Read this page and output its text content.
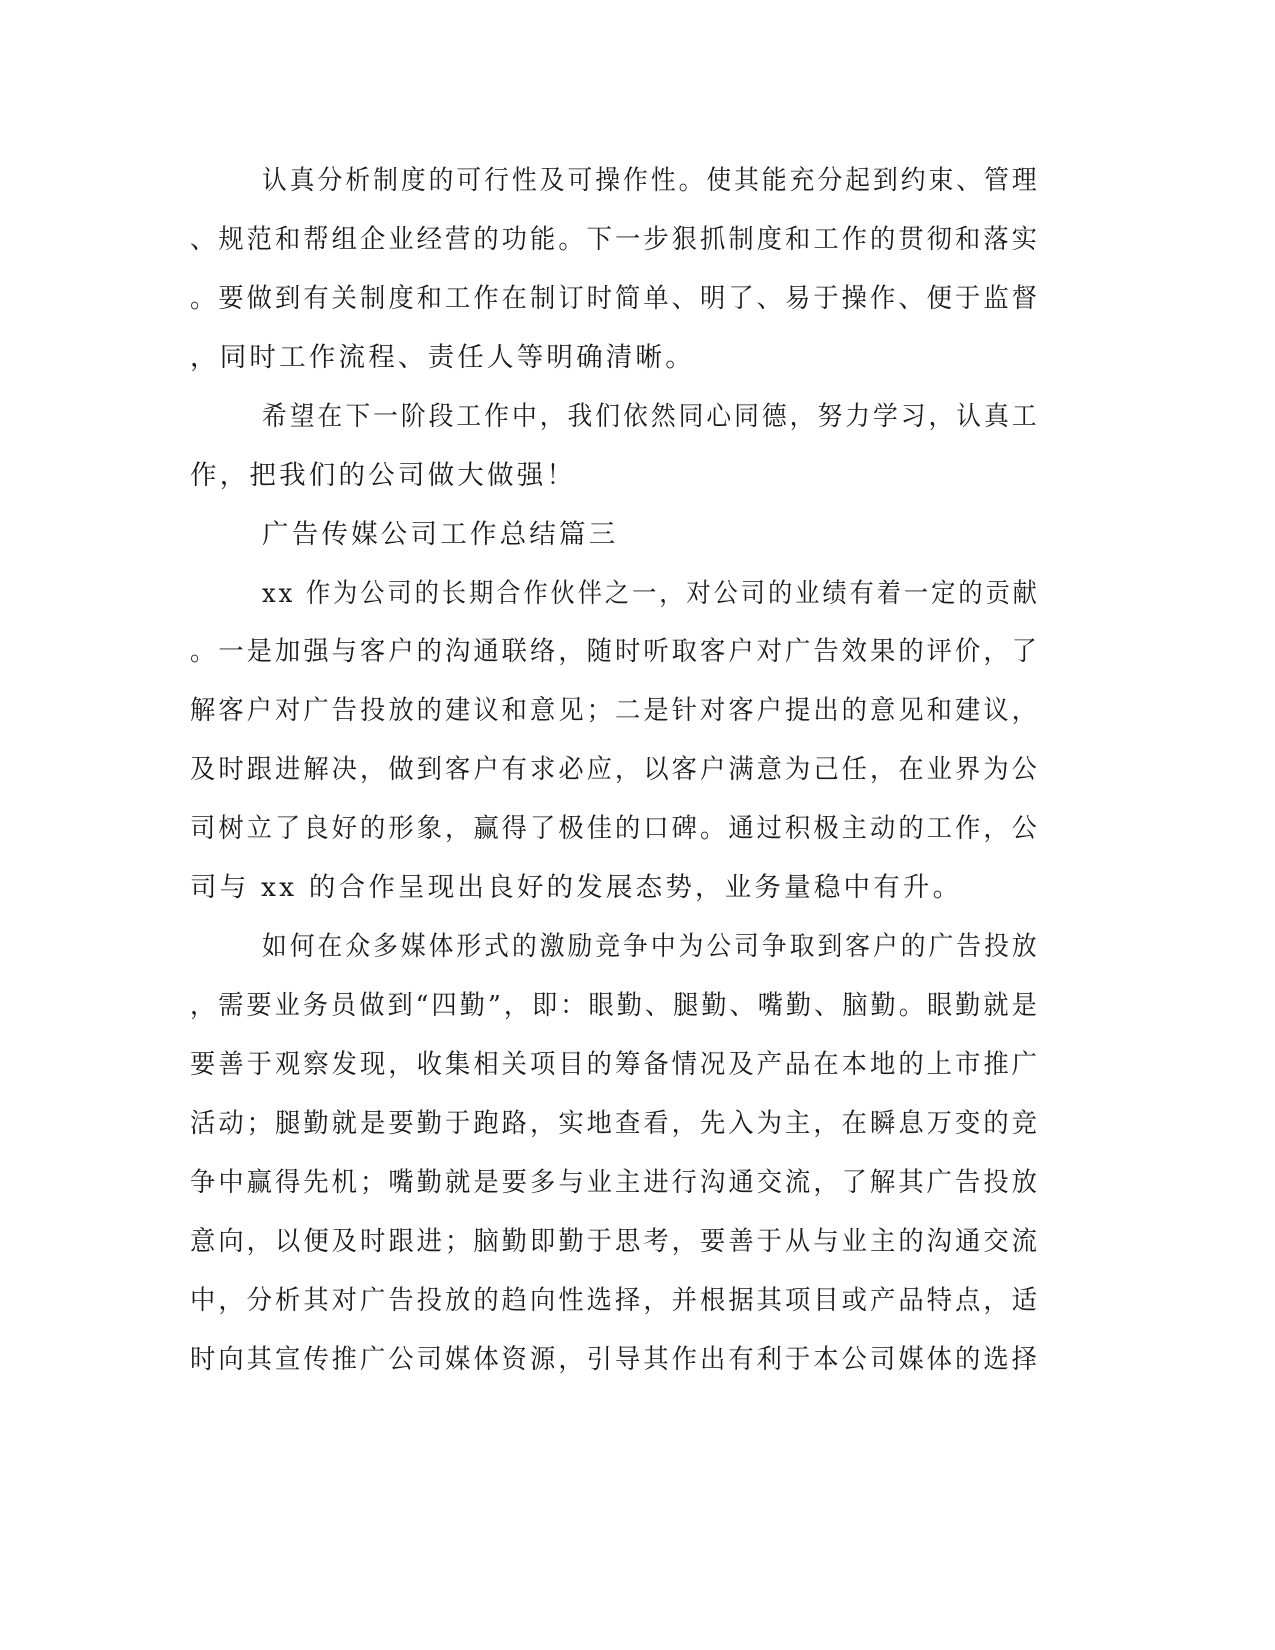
认真分析制度的可行性及可操作性。使其能充分起到约束、管理
、规范和帮组企业经营的功能。下一步狠抓制度和工作的贯彻和落实
。要做到有关制度和工作在制订时简单、明了、易于操作、便于监督
，同时工作流程、责任人等明确清晰。
希望在下一阶段工作中，我们依然同心同德，努力学习，认真工
作，把我们的公司做大做强！
广告传媒公司工作总结篇三
xx 作为公司的长期合作伙伴之一，对公司的业绩有着一定的贡献
。一是加强与客户的沟通联络，随时听取客户对广告效果的评价，了
解客户对广告投放的建议和意见；二是针对客户提出的意见和建议，
及时跟进解决，做到客户有求必应，以客户满意为己任，在业界为公
司树立了良好的形象，赢得了极佳的口碑。通过积极主动的工作，公
司与 xx 的合作呈现出良好的发展态势，业务量稳中有升。
如何在众多媒体形式的激励竞争中为公司争取到客户的广告投放
，需要业务员做到“四勤”，即：眼勤、腿勤、嘴勤、脑勤。眼勤就是
要善于观察发现，收集相关项目的筹备情况及产品在本地的上市推广
活动；腿勤就是要勤于跑路，实地查看，先入为主，在瞬息万变的竞
争中赢得先机；嘴勤就是要多与业主进行沟通交流，了解其广告投放
意向，以便及时跟进；脑勤即勤于思考，要善于从与业主的沟通交流
中，分析其对广告投放的趋向性选择，并根据其项目或产品特点，适
时向其宣传推广公司媒体资源，引导其作出有利于本公司媒体的选择
